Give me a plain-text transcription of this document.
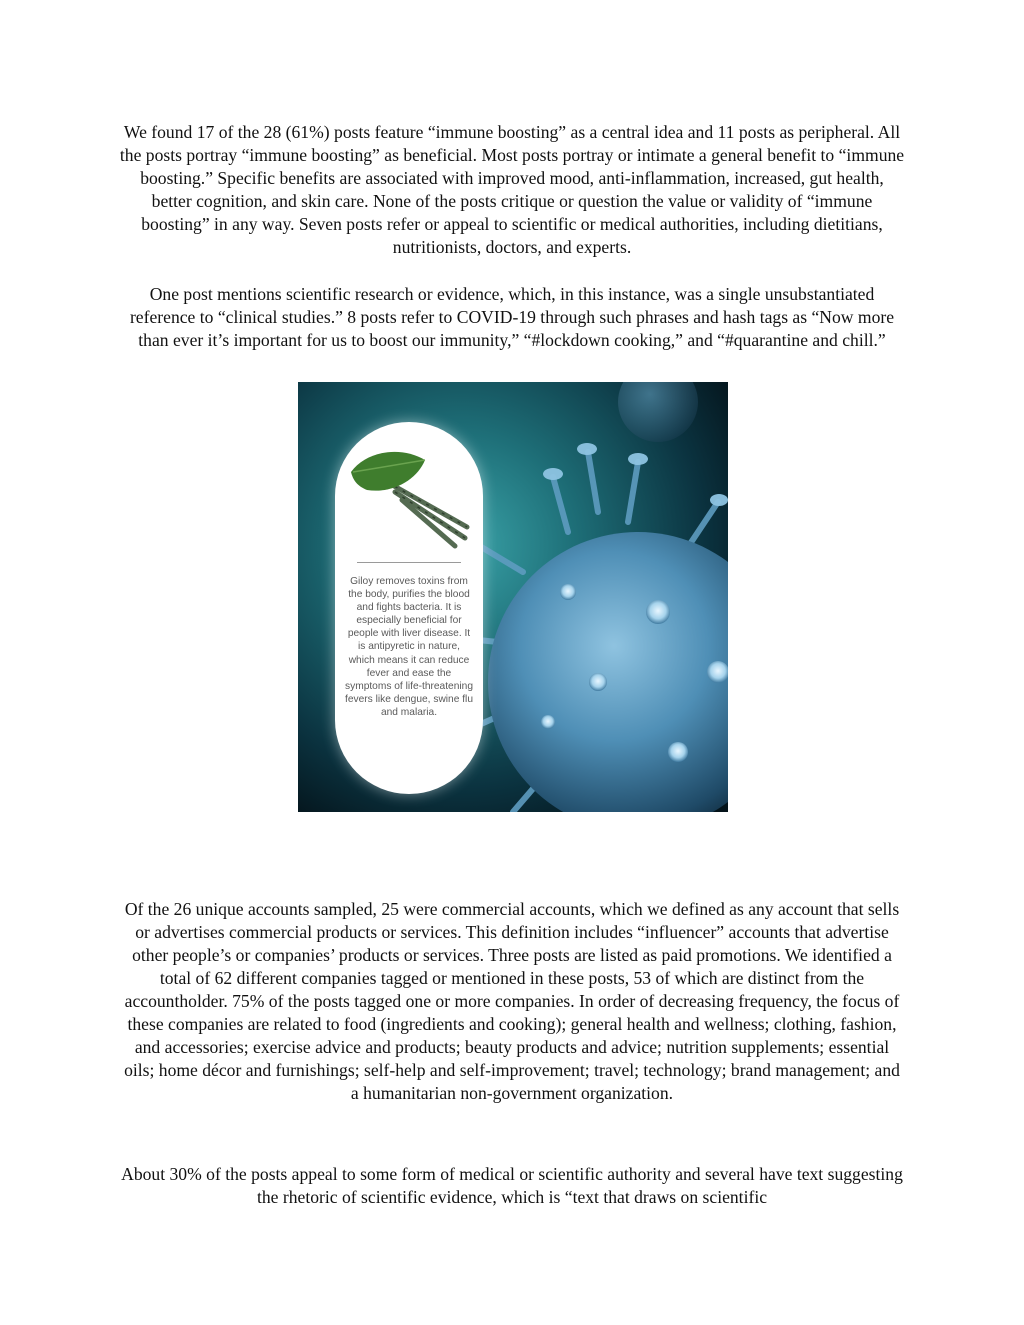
We found 17 of the 28 (61%) posts feature “immune boosting” as a central idea and 11 posts as peripheral. All the posts portray “immune boosting” as beneficial. Most posts portray or intimate a general benefit to “immune boosting.” Specific benefits are associated with improved mood, anti-inflammation, increased, gut health, better cognition, and skin care. None of the posts critique or question the value or validity of “immune boosting” in any way. Seven posts refer or appeal to scientific or medical authorities, including dietitians, nutritionists, doctors, and experts.

One post mentions scientific research or evidence, which, in this instance, was a single unsubstantiated reference to “clinical studies.” 8 posts refer to COVID-19 through such phrases and hash tags as “Now more than ever it’s important for us to boost our immunity,” “#lockdown cooking,” and “#quarantine and chill.”

Giloy removes toxins from the body, purifies the blood and fights bacteria. It is especially beneficial for people with liver disease. It is antipyretic in nature, which means it can reduce fever and ease the symptoms of life-threatening fevers like dengue, swine flu and malaria.

Of the 26 unique accounts sampled, 25 were commercial accounts, which we defined as any account that sells or advertises commercial products or services. This definition includes “influencer” accounts that advertise other people’s or companies’ products or services. Three posts are listed as paid promotions. We identified a total of 62 different companies tagged or mentioned in these posts, 53 of which are distinct from the accountholder. 75% of the posts tagged one or more companies. In order of decreasing frequency, the focus of these companies are related to food (ingredients and cooking); general health and wellness; clothing, fashion, and accessories; exercise advice and products; beauty products and advice; nutrition supplements; essential oils; home décor and furnishings; self-help and self-improvement; travel; technology; brand management; and a humanitarian non-government organization.

About 30% of the posts appeal to some form of medical or scientific authority and several have text suggesting the rhetoric of scientific evidence, which is “text that draws on scientific
